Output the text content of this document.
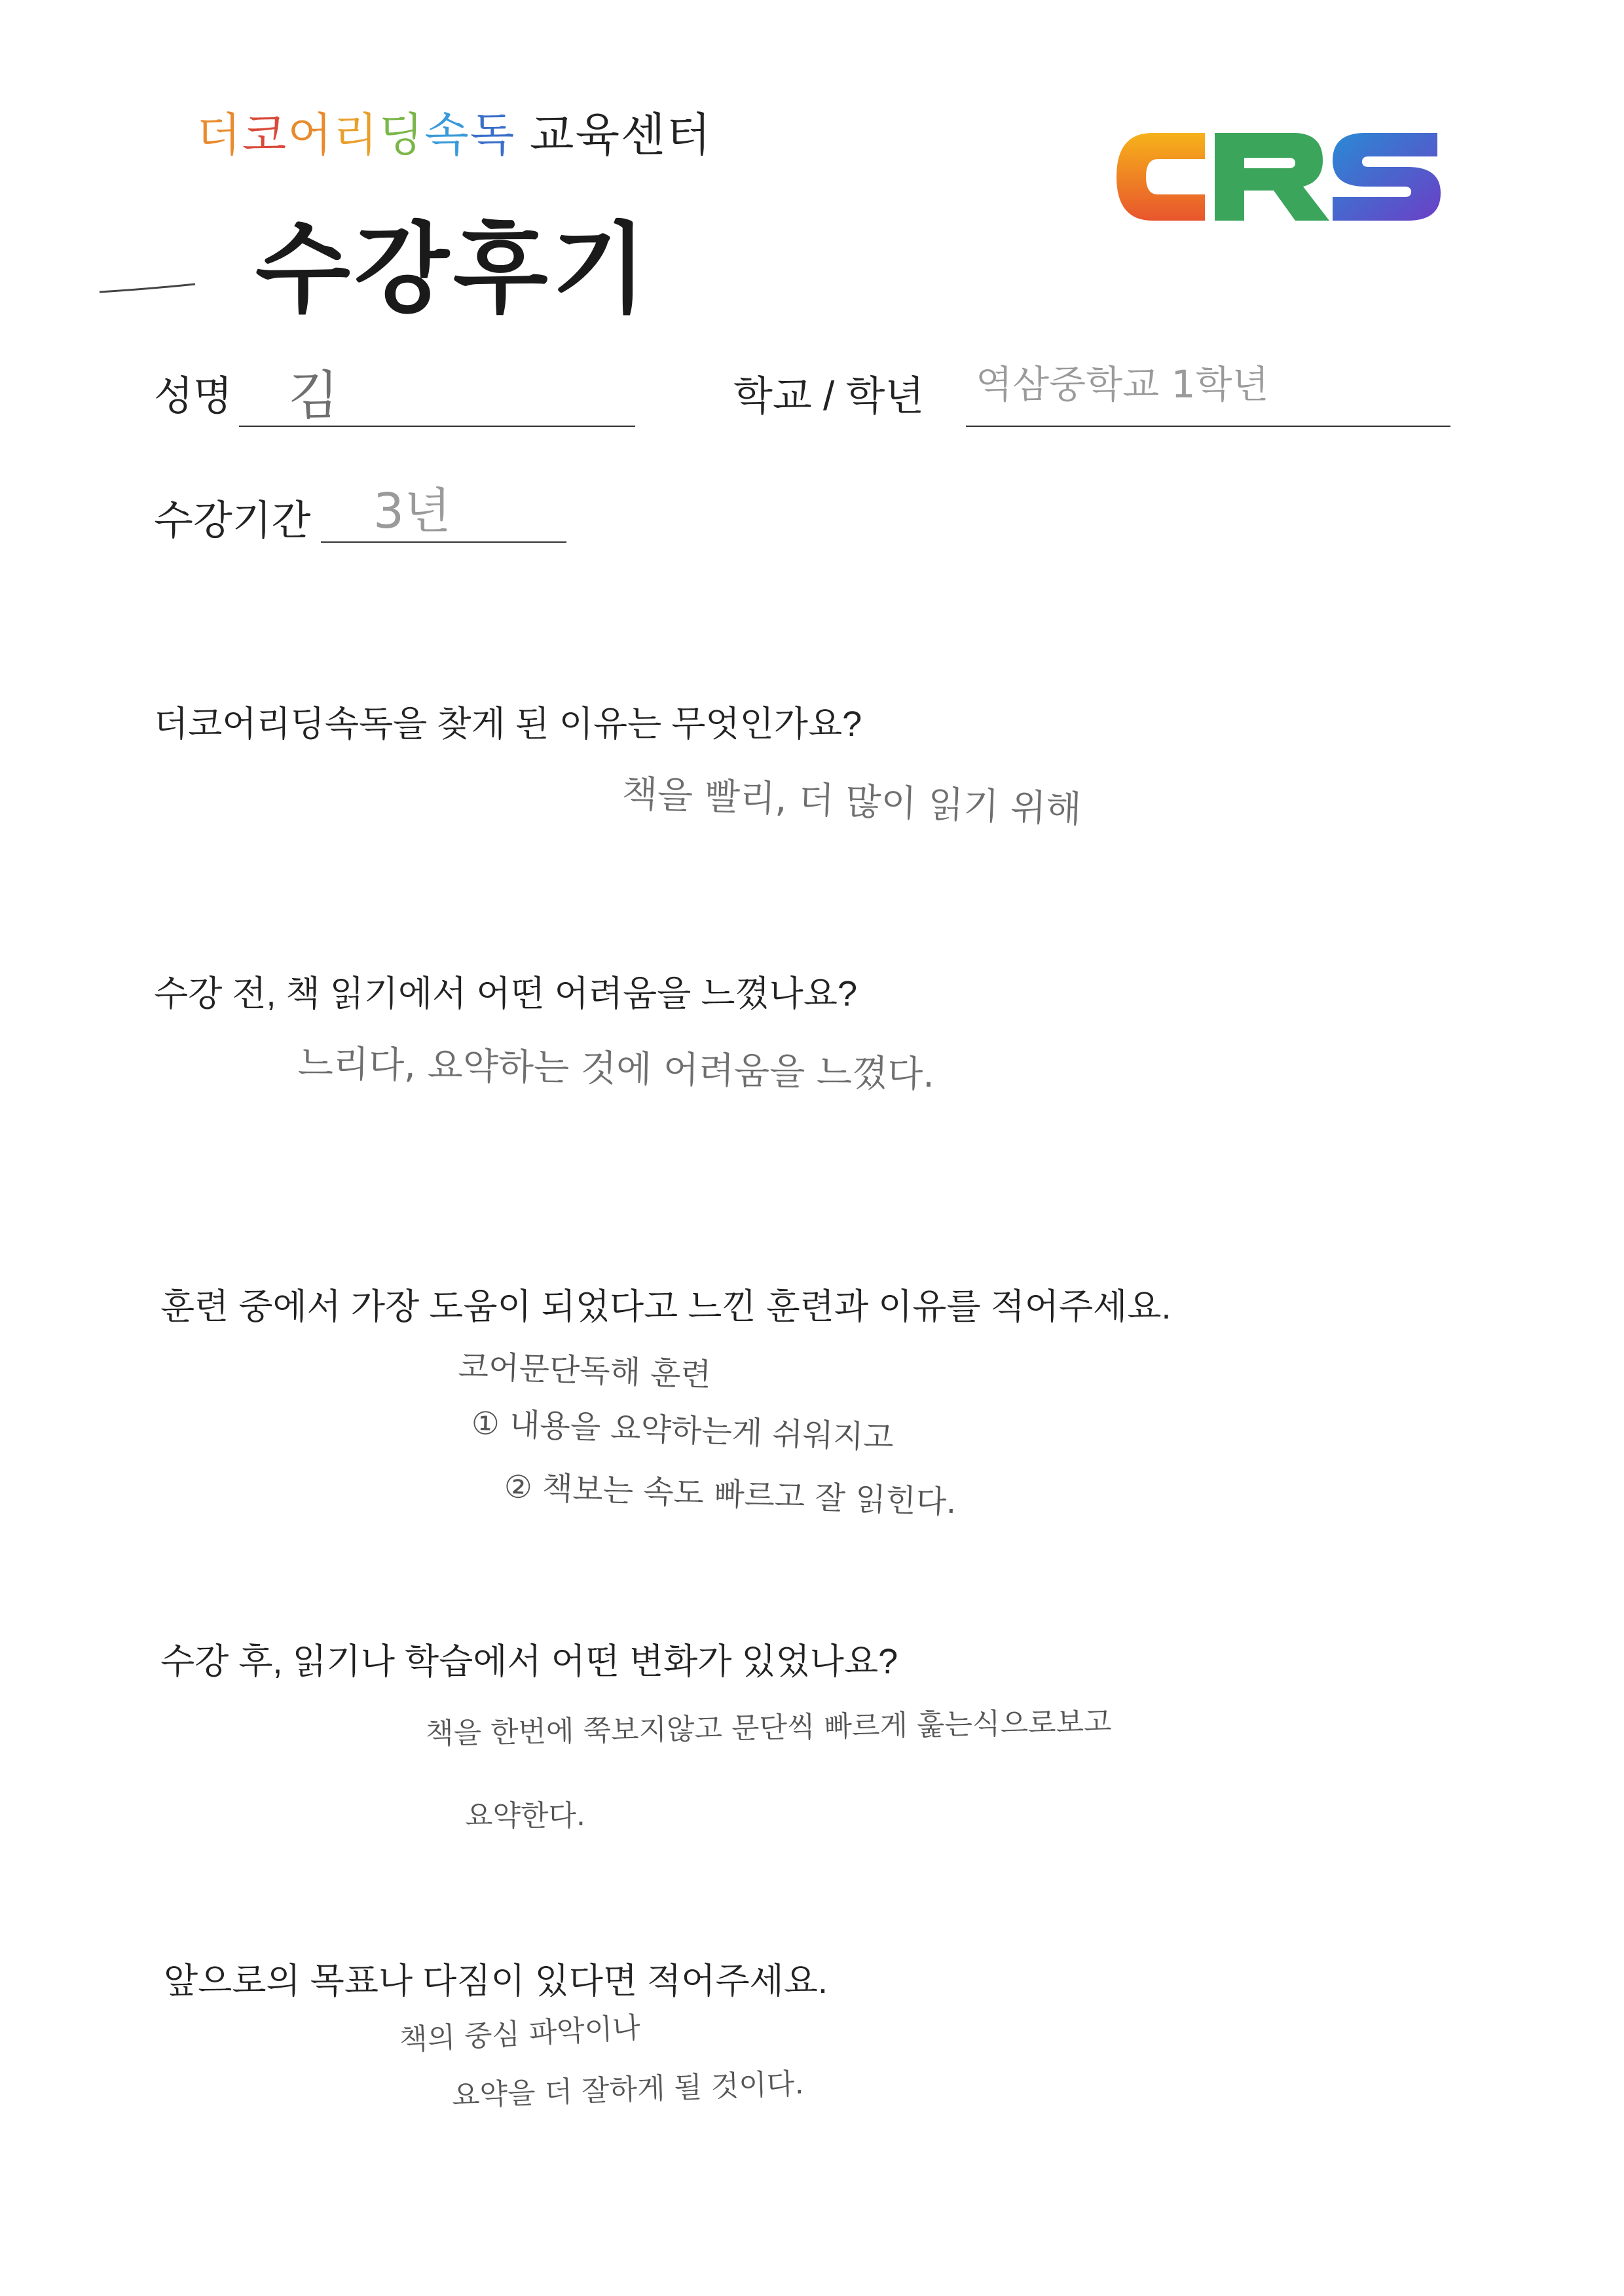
더코어리딩속독 교육센터
수강후기
성명 김	학교 / 학년 역삼중학교 1학년
수강기간 3년
더코어리딩속독을 찾게 된 이유는 무엇인가요?
책을 빨리, 더 많이 읽기 위해
수강 전, 책 읽기에서 어떤 어려움을 느꼈나요?
느리다, 요약하는 것에 어려움을 느꼈다.
훈련 중에서 가장 도움이 되었다고 느낀 훈련과 이유를 적어주세요.
코어문단독해 훈련
① 내용을 요약하는게 쉬워지고
② 책보는 속도 빠르고 잘 읽힌다.
수강 후, 읽기나 학습에서 어떤 변화가 있었나요?
책을 한번에 쭉보지않고 문단씩 빠르게 훑는식으로보고
요약한다.
앞으로의 목표나 다짐이 있다면 적어주세요.
책의 중심 파악이나
요약을 더 잘하게 될 것이다.
